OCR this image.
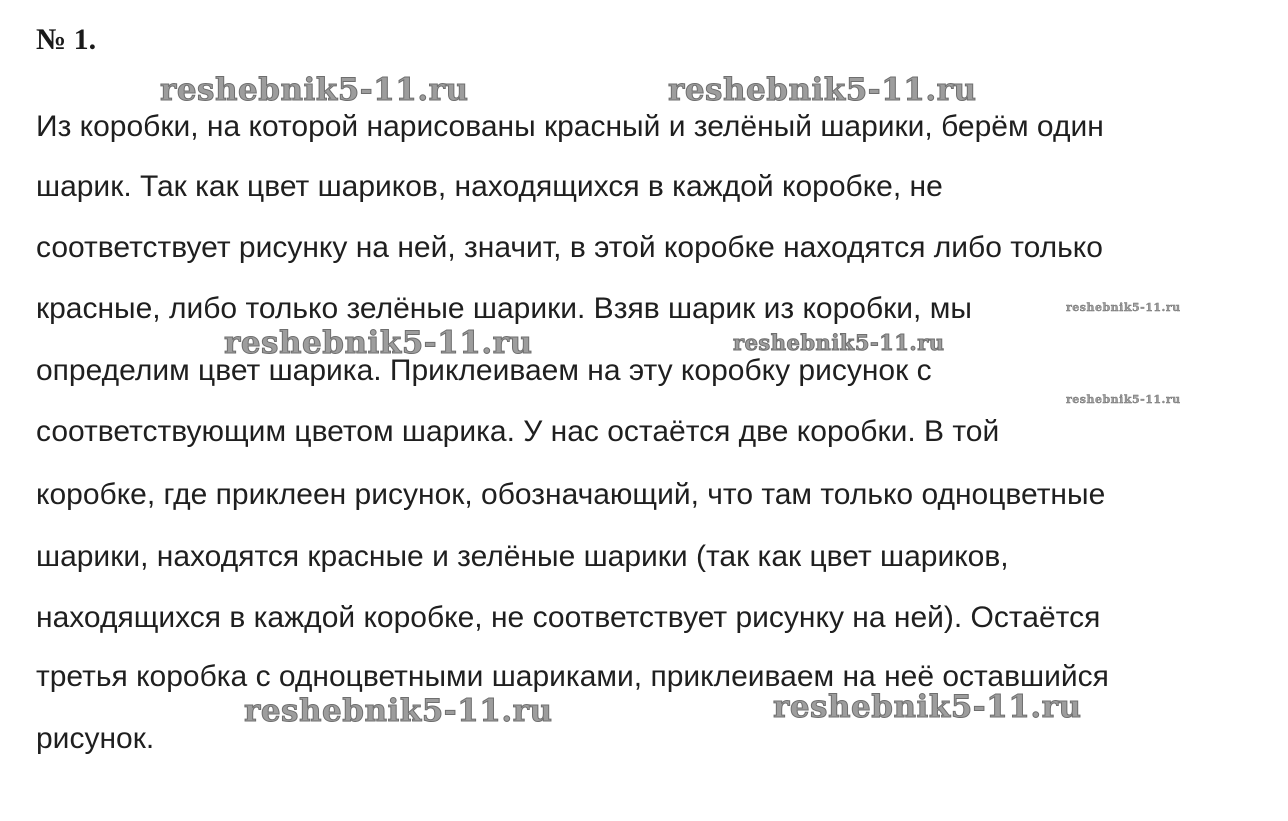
№ 1.
Из коробки, на которой нарисованы красный и зелёный шарики, берём один
шарик. Так как цвет шариков, находящихся в каждой коробке, не
соответствует рисунку на ней, значит, в этой коробке находятся либо только
красные, либо только зелёные шарики. Взяв шарик из коробки, мы
определим цвет шарика. Приклеиваем на эту коробку рисунок с
соответствующим цветом шарика. У нас остаётся две коробки. В той
коробке, где приклеен рисунок, обозначающий, что там только одноцветные
шарики, находятся красные и зелёные шарики (так как цвет шариков,
находящихся в каждой коробке, не соответствует рисунку на ней). Остаётся
третья коробка с одноцветными шариками, приклеиваем на неё оставшийся
рисунок.
reshebnik5-11.ru	reshebnik5-11.ru
reshebnik5-11.ru	reshebnik5-11.ru
reshebnik5-11.ru
reshebnik5-11.ru
reshebnik5-11.ru	reshebnik5-11.ru
